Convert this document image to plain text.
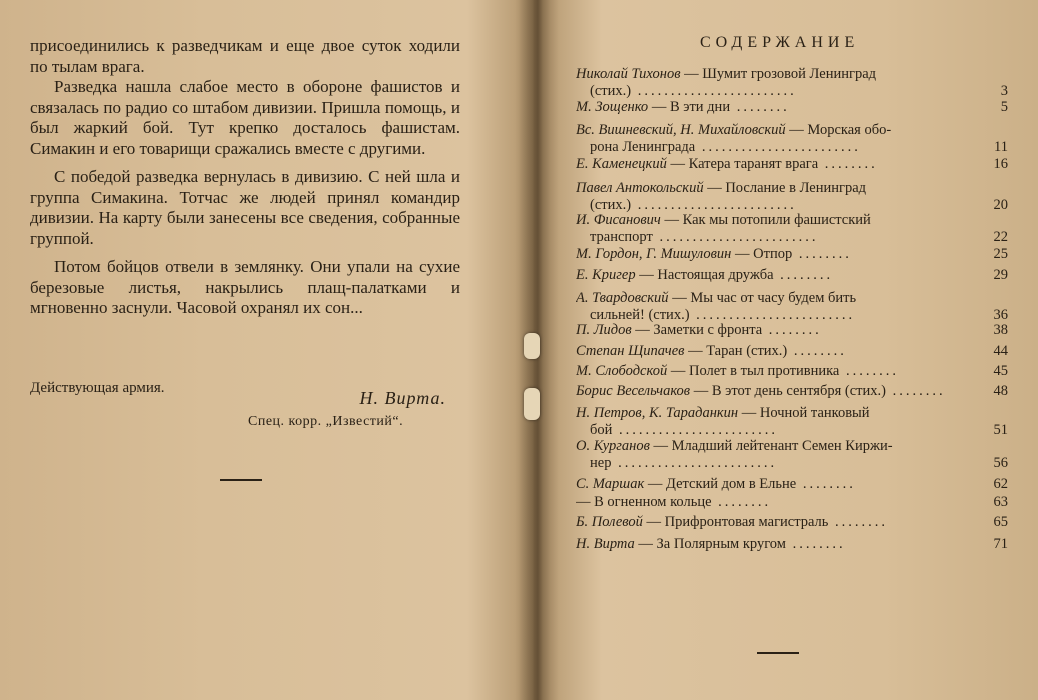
присоединились к разведчикам и еще двое суток ходили по тылам врага.

Разведка нашла слабое место в обороне фашистов и связалась по радио со штабом дивизии. Пришла помощь, и был жаркий бой. Тут крепко досталось фашистам. Симакин и его товарищи сражались вместе с другими.

С победой разведка вернулась в дивизию. С ней шла и группа Симакина. Тотчас же людей принял командир дивизии. На карту были занесены все сведения, собранные группой.

Потом бойцов отвели в землянку. Они упали на сухие березовые листья, накрылись плащ-палатками и мгновенно заснули. Часовой охранял их сон...

Действующая армия.	Н. Вирта.
Спец. корр. „Известий“.
СОДЕРЖАНИЕ
Николай Тихонов — Шумит грозовой Ленинград
(стих.) ........................	3
М. Зощенко — В эти дни ........	5
Вс. Вишневский, Н. Михайловский — Морская обо-
рона Ленинграда ........................	11
Е. Каменецкий — Катера таранят врага ........	16
Павел Антокольский — Послание в Ленинград
(стих.) ........................	20
И. Фисанович — Как мы потопили фашистский
транспорт ........................	22
М. Гордон, Г. Мишуловин — Отпор ........	25
Е. Кригер — Настоящая дружба ........	29
А. Твардовский — Мы час от часу будем бить
сильней! (стих.) ........................	36
П. Лидов — Заметки с фронта ........	38
Степан Щипачев — Таран (стих.) ........	44
М. Слободской — Полет в тыл противника ........	45
Борис Весельчаков — В этот день сентября (стих.) ........	48
Н. Петров, К. Тараданкин — Ночной танковый
бой ........................	51
О. Курганов — Младший лейтенант Семен Киржи-
нер ........................	56
С. Маршак — Детский дом в Ельне ........	62
— В огненном кольце ........	63
Б. Полевой — Прифронтовая магистраль ........	65
Н. Вирта — За Полярным кругом ........	71
